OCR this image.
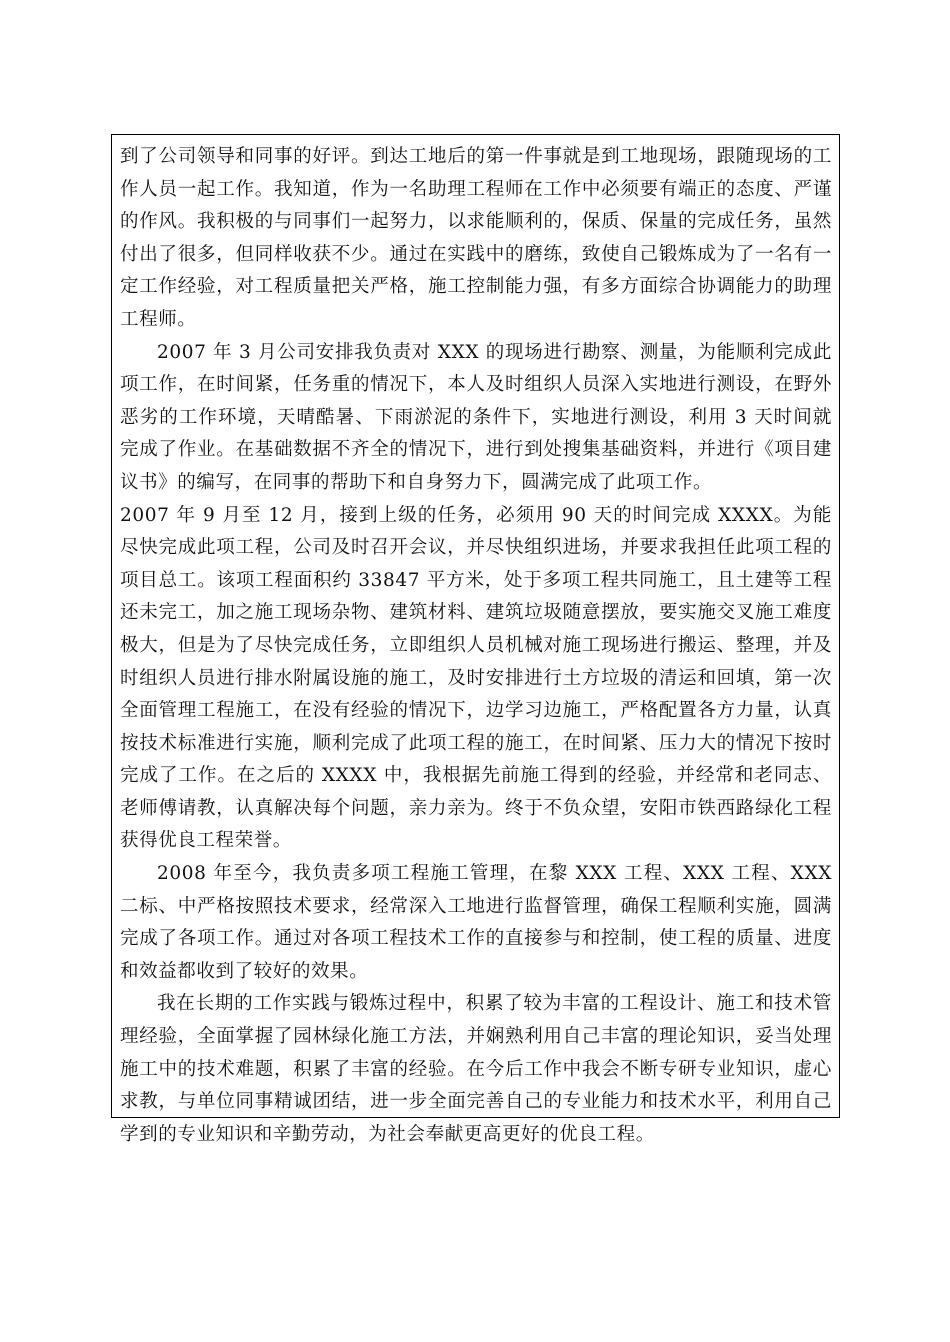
到了公司领导和同事的好评。到达工地后的第一件事就是到工地现场，跟随现场的工作人员一起工作。我知道，作为一名助理工程师在工作中必须要有端正的态度、严谨的作风。我积极的与同事们一起努力，以求能顺利的，保质、保量的完成任务，虽然付出了很多，但同样收获不少。通过在实践中的磨练，致使自己锻炼成为了一名有一定工作经验，对工程质量把关严格，施工控制能力强，有多方面综合协调能力的助理工程师。

2007 年 3 月公司安排我负责对 XXX 的现场进行勘察、测量，为能顺利完成此项工作，在时间紧，任务重的情况下，本人及时组织人员深入实地进行测设，在野外恶劣的工作环境，天晴酷暑、下雨淤泥的条件下，实地进行测设，利用 3 天时间就完成了作业。在基础数据不齐全的情况下，进行到处搜集基础资料，并进行《项目建议书》的编写，在同事的帮助下和自身努力下，圆满完成了此项工作。

2007 年 9 月至 12 月，接到上级的任务，必须用 90 天的时间完成 XXXX。为能尽快完成此项工程，公司及时召开会议，并尽快组织进场，并要求我担任此项工程的项目总工。该项工程面积约 33847 平方米，处于多项工程共同施工，且土建等工程还未完工，加之施工现场杂物、建筑材料、建筑垃圾随意摆放，要实施交叉施工难度极大，但是为了尽快完成任务，立即组织人员机械对施工现场进行搬运、整理，并及时组织人员进行排水附属设施的施工，及时安排进行土方垃圾的清运和回填，第一次全面管理工程施工，在没有经验的情况下，边学习边施工，严格配置各方力量，认真按技术标准进行实施，顺利完成了此项工程的施工，在时间紧、压力大的情况下按时完成了工作。在之后的 XXXX 中，我根据先前施工得到的经验，并经常和老同志、老师傅请教，认真解决每个问题，亲力亲为。终于不负众望，安阳市铁西路绿化工程获得优良工程荣誉。

2008 年至今，我负责多项工程施工管理，在黎 XXX 工程、XXX 工程、XXX 二标、中严格按照技术要求，经常深入工地进行监督管理，确保工程顺利实施，圆满完成了各项工作。通过对各项工程技术工作的直接参与和控制，使工程的质量、进度和效益都收到了较好的效果。

我在长期的工作实践与锻炼过程中，积累了较为丰富的工程设计、施工和技术管理经验，全面掌握了园林绿化施工方法，并娴熟利用自己丰富的理论知识，妥当处理施工中的技术难题，积累了丰富的经验。在今后工作中我会不断专研专业知识，虚心求教，与单位同事精诚团结，进一步全面完善自己的专业能力和技术水平，利用自己学到的专业知识和辛勤劳动，为社会奉献更高更好的优良工程。
